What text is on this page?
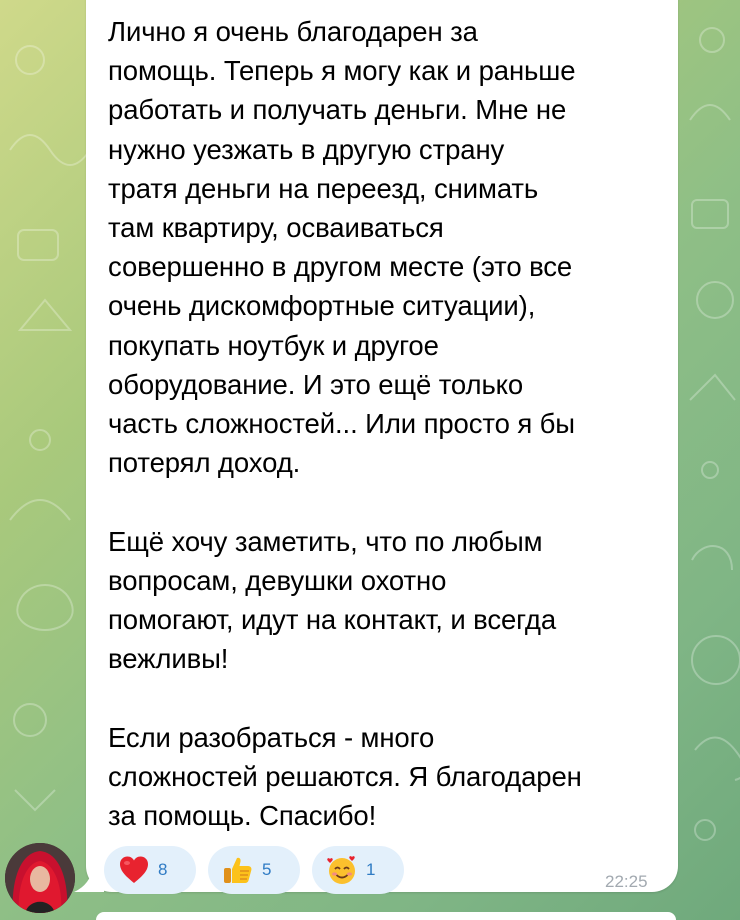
Лично я очень благодарен за
помощь. Теперь я могу как и раньше
работать и получать деньги. Мне не
нужно уезжать в другую страну
тратя деньги на переезд, снимать
там квартиру, осваиваться
совершенно в другом месте (это все
очень дискомфортные ситуации),
покупать ноутбук и другое
оборудование. И это ещё только
часть сложностей... Или просто я бы
потерял доход.

Ещё хочу заметить, что по любым
вопросам, девушки охотно
помогают, идут на контакт, и всегда
вежливы!

Если разобраться - много
сложностей решаются. Я благодарен
за помощь. Спасибо!

8	5	1
22:25
